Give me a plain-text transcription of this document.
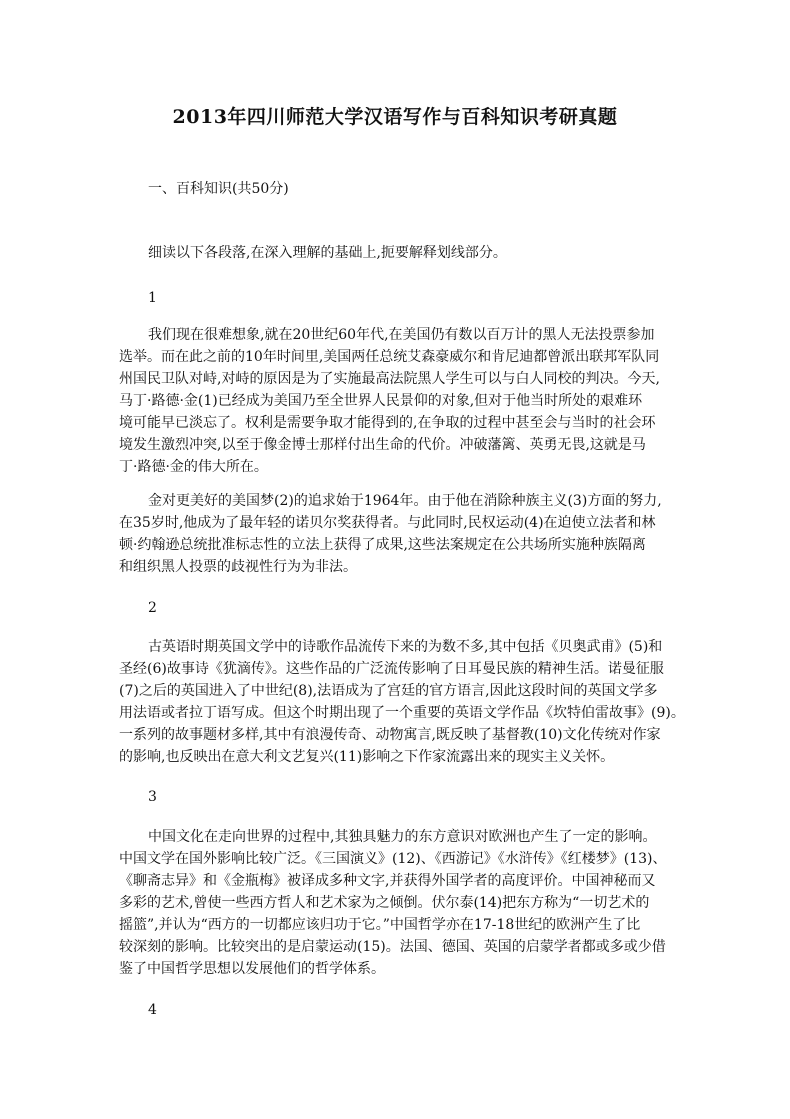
2013年四川师范大学汉语写作与百科知识考研真题
一、百科知识(共50分)
细读以下各段落,在深入理解的基础上,扼要解释划线部分。
1
我们现在很难想象,就在20世纪60年代,在美国仍有数以百万计的黑人无法投票参加
选举。而在此之前的10年时间里,美国两任总统艾森豪威尔和肯尼迪都曾派出联邦军队同
州国民卫队对峙,对峙的原因是为了实施最高法院黑人学生可以与白人同校的判决。今天,
马丁·路德·金(1)已经成为美国乃至全世界人民景仰的对象,但对于他当时所处的艰难环
境可能早已淡忘了。权利是需要争取才能得到的,在争取的过程中甚至会与当时的社会环
境发生激烈冲突,以至于像金博士那样付出生命的代价。冲破藩篱、英勇无畏,这就是马
丁·路德·金的伟大所在。
金对更美好的美国梦(2)的追求始于1964年。由于他在消除种族主义(3)方面的努力,
在35岁时,他成为了最年轻的诺贝尔奖获得者。与此同时,民权运动(4)在迫使立法者和林
顿·约翰逊总统批准标志性的立法上获得了成果,这些法案规定在公共场所实施种族隔离
和组织黑人投票的歧视性行为为非法。
2
古英语时期英国文学中的诗歌作品流传下来的为数不多,其中包括《贝奥武甫》(5)和
圣经(6)故事诗《犹滴传》。这些作品的广泛流传影响了日耳曼民族的精神生活。诺曼征服
(7)之后的英国进入了中世纪(8),法语成为了宫廷的官方语言,因此这段时间的英国文学多
用法语或者拉丁语写成。但这个时期出现了一个重要的英语文学作品《坎特伯雷故事》(9)。
一系列的故事题材多样,其中有浪漫传奇、动物寓言,既反映了基督教(10)文化传统对作家
的影响,也反映出在意大利文艺复兴(11)影响之下作家流露出来的现实主义关怀。
3
中国文化在走向世界的过程中,其独具魅力的东方意识对欧洲也产生了一定的影响。
中国文学在国外影响比较广泛。《三国演义》(12)、《西游记》《水浒传》《红楼梦》(13)、
《聊斋志异》和《金瓶梅》被译成多种文字,并获得外国学者的高度评价。中国神秘而又
多彩的艺术,曾使一些西方哲人和艺术家为之倾倒。伏尔泰(14)把东方称为“一切艺术的
摇篮”,并认为“西方的一切都应该归功于它。”中国哲学亦在17-18世纪的欧洲产生了比
较深刻的影响。比较突出的是启蒙运动(15)。法国、德国、英国的启蒙学者都或多或少借
鉴了中国哲学思想以发展他们的哲学体系。
4
